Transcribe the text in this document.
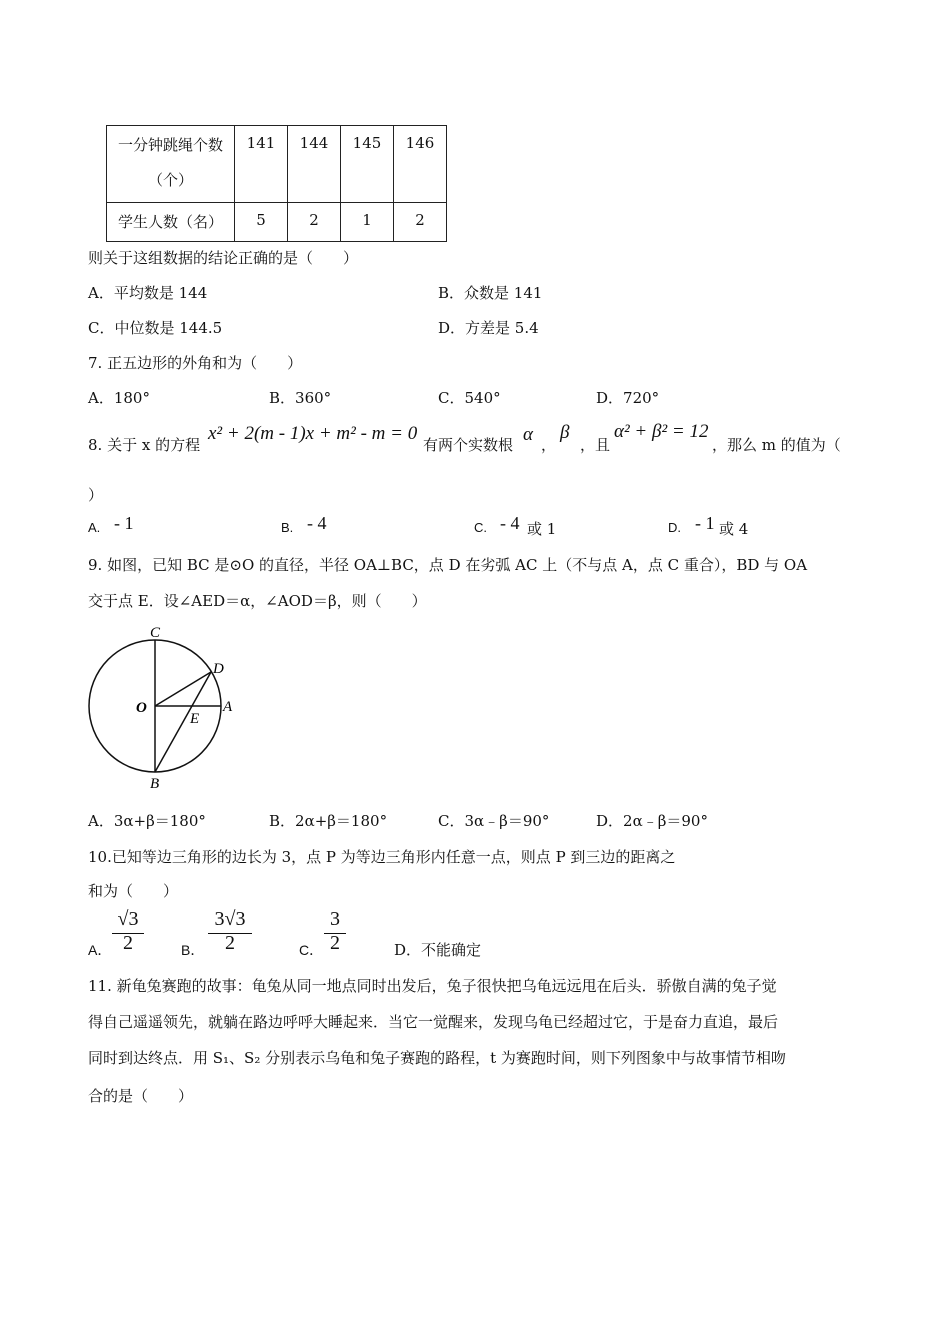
一分钟跳绳个数
（个）	141	144	145	146

学生人数（名）	5	2	1	2
则关于这组数据的结论正确的是（　　）
A．平均数是 144	B．众数是 141
C．中位数是 144.5	D．方差是 5.4
7. 正五边形的外角和为（　　）
A．180°	B．360°	C．540°	D．720°
8. 关于 x 的方程
x² + 2(m - 1)x + m² - m = 0
有两个实数根 α ，
β
，且
α² + β² = 12
，那么 m 的值为（
）
A. - 1	B. - 4	C. - 4 或 1	D. - 1 或 4
9. 如图，已知 BC 是⊙O 的直径，半径 OA⊥BC，点 D 在劣弧 AC 上（不与点 A，点 C 重合），BD 与 OA
交于点 E．设∠AED＝α，∠AOD＝β，则（　　）
C
D
O
E
A
B
A．3α+β＝180°	B．2α+β＝180°	C．3α﹣β＝90°	D．2α﹣β＝90°
10.已知等边三角形的边长为 3，点 P 为等边三角形内任意一点，则点 P 到三边的距离之
和为（　　）
A．
√3
2	B．
3√3
2	C．
3
2	D．不能确定
11. 新龟兔赛跑的故事：龟兔从同一地点同时出发后，兔子很快把乌龟远远甩在后头．骄傲自满的兔子觉
得自己遥遥领先，就躺在路边呼呼大睡起来．当它一觉醒来，发现乌龟已经超过它，于是奋力直追，最后
同时到达终点．用 S₁、S₂ 分别表示乌龟和兔子赛跑的路程，t 为赛跑时间，则下列图象中与故事情节相吻
合的是（　　）
